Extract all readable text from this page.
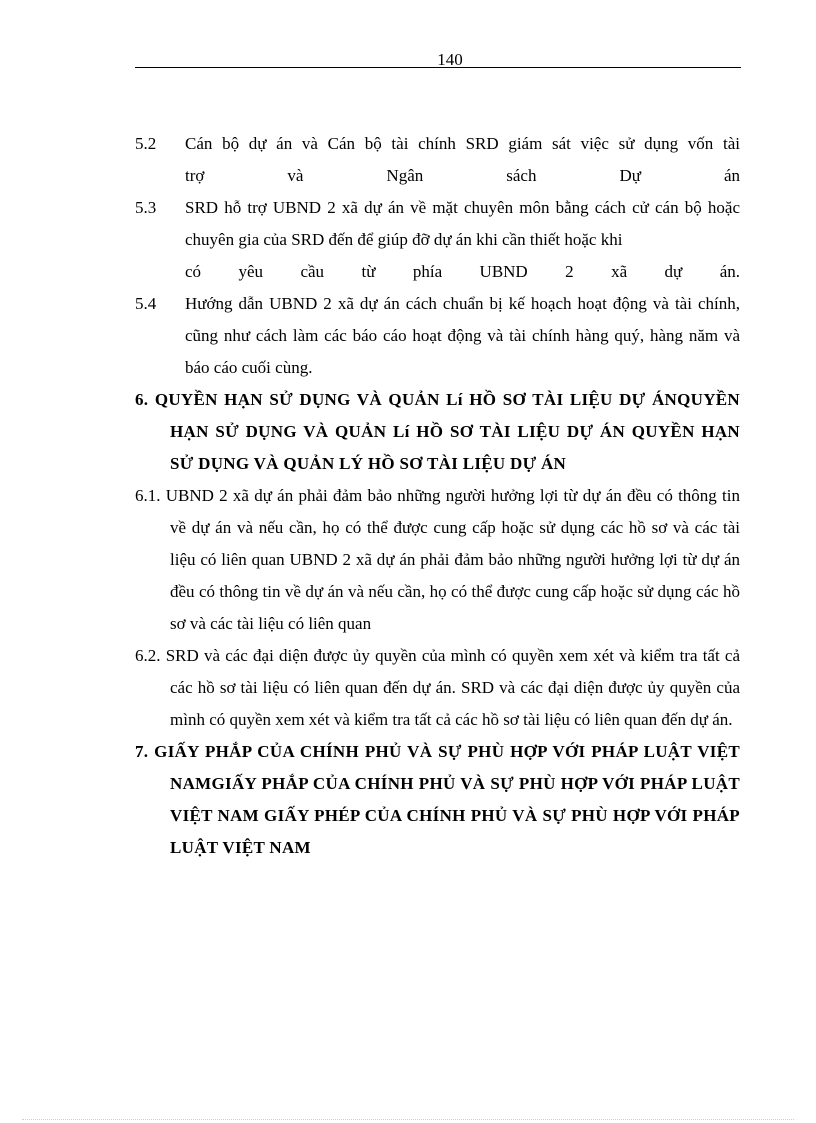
140
5.2 Cán bộ dự án và Cán bộ tài chính SRD giám sát việc sử dụng vốn tài
trợ và Ngân sách Dự án
5.3 SRD hỗ trợ UBND 2 xã dự án về mặt chuyên môn bằng cách cử cán bộ hoặc chuyên gia của SRD đến để giúp đỡ dự án khi cần thiết hoặc khi
có yêu cầu từ phía UBND 2 xã dự án.
5.4 Hướng dẫn UBND 2 xã dự án cách chuẩn bị kế hoạch hoạt động và tài chính, cũng như cách làm các báo cáo hoạt động và tài chính hàng quý, hàng năm và báo cáo cuối cùng.
6. QUYỀN HẠN SỬ DỤNG VÀ QUẢN Lí HỒ SƠ TÀI LIỆU DỰ ÁNQUYỀN HẠN SỬ DỤNG VÀ QUẢN Lí HỒ SƠ TÀI LIỆU DỰ ÁN QUYỀN HẠN SỬ DỤNG VÀ QUẢN LÝ HỒ SƠ TÀI LIỆU DỰ ÁN
6.1. UBND 2 xã dự án phải đảm bảo những người hưởng lợi từ dự án đều có thông tin về dự án và nếu cần, họ có thể được cung cấp hoặc sử dụng các hồ sơ và các tài liệu có liên quan UBND 2 xã dự án phải đảm bảo những người hưởng lợi từ dự án đều có thông tin về dự án và nếu cần, họ có thể được cung cấp hoặc sử dụng các hồ sơ và các tài liệu có liên quan
6.2. SRD và các đại diện được ủy quyền của mình có quyền xem xét và kiểm tra tất cả các hồ sơ tài liệu có liên quan đến dự án. SRD và các đại diện được ủy quyền của mình có quyền xem xét và kiểm tra tất cả các hồ sơ tài liệu có liên quan đến dự án.
7. GIẤY PHẮP CỦA CHÍNH PHỦ VÀ SỰ PHÙ HỢP VỚI PHÁP LUẬT VIỆT NAMGIẤY PHẮP CỦA CHÍNH PHỦ VÀ SỰ PHÙ HỢP VỚI PHÁP LUẬT VIỆT NAM GIẤY PHÉP CỦA CHÍNH PHỦ VÀ SỰ PHÙ HỢP VỚI PHÁP LUẬT VIỆT NAM
